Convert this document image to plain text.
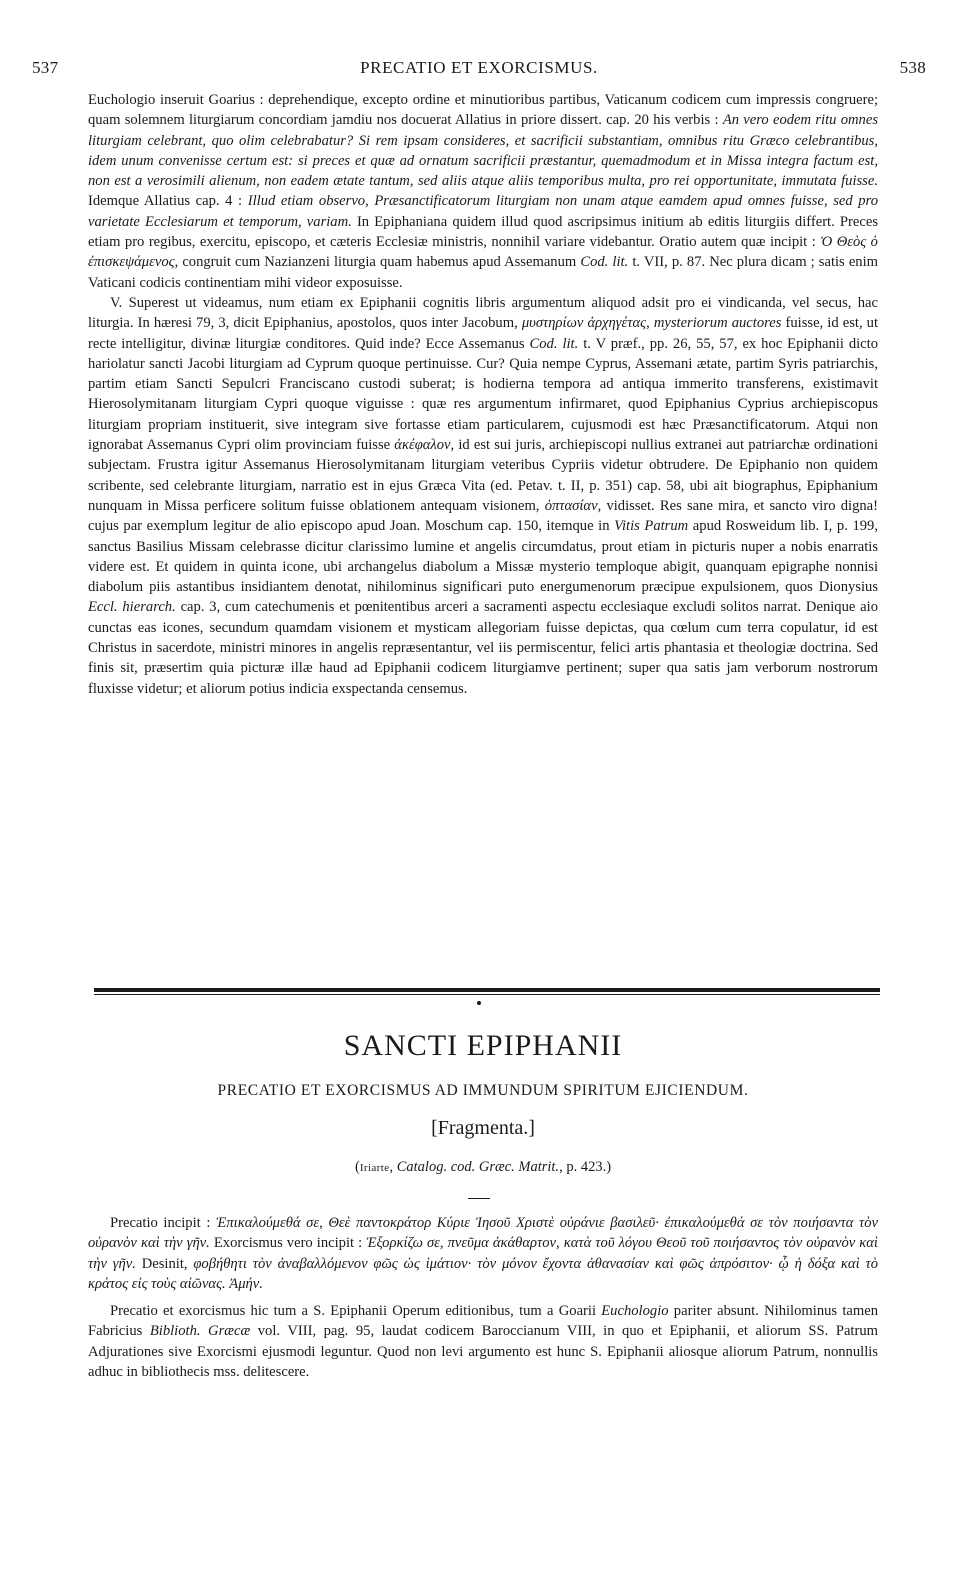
537	PRECATIO ET EXORCISMUS.	538

Euchologio inseruit Goarius : deprehendique, excepto ordine et minutioribus partibus, Vaticanum codicem cum impressis congruere; quam solemnem liturgiarum concordiam jamdiu nos docuerat Allatius in priore dissert. cap. 20 his verbis : An vero eodem ritu omnes liturgiam celebrant, quo olim celebrabatur? Si rem ipsam consideres, et sacrificii substantiam, omnibus ritu Græco celebrantibus, idem unum convenisse certum est: si preces et quæ ad ornatum sacrificii præstantur, quemadmodum et in Missa integra factum est, non est a verosimili alienum, non eadem ætate tantum, sed aliis atque aliis temporibus multa, pro rei opportunitate, immutata fuisse. Idemque Allatius cap. 4 : Illud etiam observo, Præsanctificatorum liturgiam non unam atque eamdem apud omnes fuisse, sed pro varietate Ecclesiarum et temporum, variam. In Epiphaniana quidem illud quod ascripsimus initium ab editis liturgiis differt. Preces etiam pro regibus, exercitu, episcopo, et cæteris Ecclesiæ ministris, nonnihil variare videbantur. Oratio autem quæ incipit : Ὁ Θεὸς ὁ ἐπισκεψάμενος, congruit cum Nazianzeni liturgia quam habemus apud Assemanum Cod. lit. t. VII, p. 87. Nec plura dicam ; satis enim Vaticani codicis continentiam mihi videor exposuisse.

V. Superest ut videamus, num etiam ex Epiphanii cognitis libris argumentum aliquod adsit pro ei vindicanda, vel secus, hac liturgia. In hæresi 79, 3, dicit Epiphanius, apostolos, quos inter Jacobum, μυστηρίων ἀρχηγέτας, mysteriorum auctores fuisse, id est, ut recte intelligitur, divinæ liturgiæ conditores. Quid inde? Ecce Assemanus Cod. lit. t. V præf., pp. 26, 55, 57, ex hoc Epiphanii dicto hariolatur sancti Jacobi liturgiam ad Cyprum quoque pertinuisse. Cur? Quia nempe Cyprus, Assemani ætate, partim Syris patriarchis, partim etiam Sancti Sepulcri Franciscano custodi suberat; is hodierna tempora ad antiqua immerito transferens, existimavit Hierosolymitanam liturgiam Cypri quoque viguisse : quæ res argumentum infirmaret, quod Epiphanius Cyprius archiepiscopus liturgiam propriam instituerit, sive integram sive fortasse etiam particularem, cujusmodi est hæc Præsanctificatorum. Atqui non ignorabat Assemanus Cypri olim provinciam fuisse ἀκέφαλον, id est sui juris, archiepiscopi nullius extranei aut patriarchæ ordinationi subjectam. Frustra igitur Assemanus Hierosolymitanam liturgiam veteribus Cypriis videtur obtrudere. De Epiphanio non quidem scribente, sed celebrante liturgiam, narratio est in ejus Græca Vita (ed. Petav. t. II, p. 351) cap. 58, ubi ait biographus, Epiphanium nunquam in Missa perficere solitum fuisse oblationem antequam visionem, ὀπτασίαν, vidisset. Res sane mira, et sancto viro digna! cujus par exemplum legitur de alio episcopo apud Joan. Moschum cap. 150, itemque in Vitis Patrum apud Rosweidum lib. I, p. 199, sanctus Basilius Missam celebrasse dicitur clarissimo lumine et angelis circumdatus, prout etiam in picturis nuper a nobis enarratis videre est. Et quidem in quinta icone, ubi archangelus diabolum a Missæ mysterio temploque abigit, quanquam epigraphe nonnisi diabolum piis astantibus insidiantem denotat, nihilominus significari puto energumenorum præcipue expulsionem, quos Dionysius Eccl. hierarch. cap. 3, cum catechumenis et pœnitentibus arceri a sacramenti aspectu ecclesiaque excludi solitos narrat. Denique aio cunctas eas icones, secundum quamdam visionem et mysticam allegoriam fuisse depictas, qua cœlum cum terra copulatur, id est Christus in sacerdote, ministri minores in angelis repræsentantur, vel iis permiscentur, felici artis phantasia et theologiæ doctrina. Sed finis sit, præsertim quia picturæ illæ haud ad Epiphanii codicem liturgiamve pertinent; super qua satis jam verborum nostrorum fluxisse videtur; et aliorum potius indicia exspectanda censemus.

SANCTI EPIPHANII
PRECATIO ET EXORCISMUS AD IMMUNDUM SPIRITUM EJICIENDUM.
[Fragmenta.]
(Iriarte, Catalog. cod. Græc. Matrit., p. 423.)

Precatio incipit : Ἐπικαλούμεθά σε, Θεὲ παντοκράτορ Κύριε Ἰησοῦ Χριστὲ οὐράνιε βασιλεῦ· ἐπικαλούμεθά σε τὸν ποιήσαντα τὸν οὐρανὸν καὶ τὴν γῆν. Exorcismus vero incipit : Ἐξορκίζω σε, πνεῦμα ἀκάθαρτον, κατὰ τοῦ λόγου Θεοῦ τοῦ ποιήσαντος τὸν οὐρανὸν καὶ τὴν γῆν. Desinit, φοβήθητι τὸν ἀναβαλλόμενον φῶς ὡς ἱμάτιον· τὸν μόνον ἔχοντα ἀθανασίαν καὶ φῶς ἀπρόσιτον· ᾧ ἡ δόξα καὶ τὸ κράτος εἰς τοὺς αἰῶνας. Ἀμήν.

Precatio et exorcismus hic tum a S. Epiphanii Operum editionibus, tum a Goarii Euchologio pariter absunt. Nihilominus tamen Fabricius Biblioth. Græcæ vol. VIII, pag. 95, laudat codicem Baroccianum VIII, in quo et Epiphanii, et aliorum SS. Patrum Adjurationes sive Exorcismi ejusmodi leguntur. Quod non levi argumento est hunc S. Epiphanii aliosque aliorum Patrum, nonnullis adhuc in bibliothecis mss. delitescere.
